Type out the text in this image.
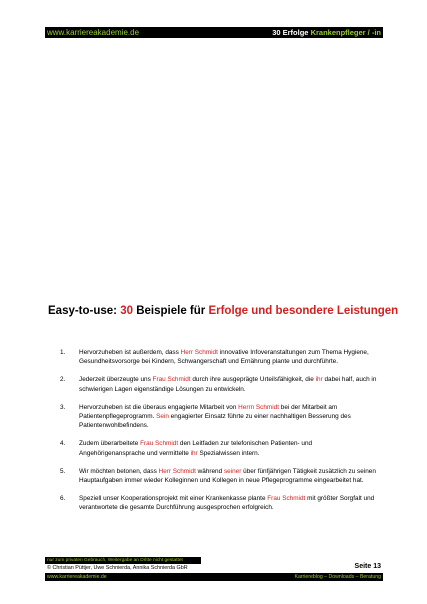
www.karriereakademie.de	30 Erfolge Krankenpfleger / -in
Easy-to-use: 30 Beispiele für Erfolge und besondere Leistungen
1.	Hervorzuheben ist außerdem, dass Herr Schmidt innovative Infoveranstaltungen zum Thema Hygiene, Gesundheitsvorsorge bei Kindern, Schwangerschaft und Ernährung plante und durchführte.
2.	Jederzeit überzeugte uns Frau Schmidt durch ihre ausgeprägte Urteilsfähigkeit, die ihr dabei half, auch in schwierigen Lagen eigenständige Lösungen zu entwickeln.
3.	Hervorzuheben ist die überaus engagierte Mitarbeit von Herrn Schmidt bei der Mitarbeit am Patientenpflegeprogramm. Sein engagierter Einsatz führte zu einer nachhaltigen Besserung des Patientenwohlbefindens.
4.	Zudem überarbeitete Frau Schmidt den Leitfaden zur telefonischen Patienten- und Angehörigenansprache und vermittelte ihr Spezialwissen intern.
5.	Wir möchten betonen, dass Herr Schmidt während seiner über fünfjährigen Tätigkeit zusätzlich zu seinen Hauptaufgaben immer wieder Kolleginnen und Kollegen in neue Pflegeprogramme eingearbeitet hat.
6.	Speziell unser Kooperationsprojekt mit einer Krankenkasse plante Frau Schmidt mit größter Sorgfalt und verantwortete die gesamte Durchführung ausgesprochen erfolgreich.
nur zum privaten Gebrauch, Weitergabe an Dritte nicht gestattet
© Christian Püttjer, Uwe Schnierda, Annika Schnierda GbR	Seite 13
www.karriereakademie.de	Karriereblog – Downloads – Beratung
